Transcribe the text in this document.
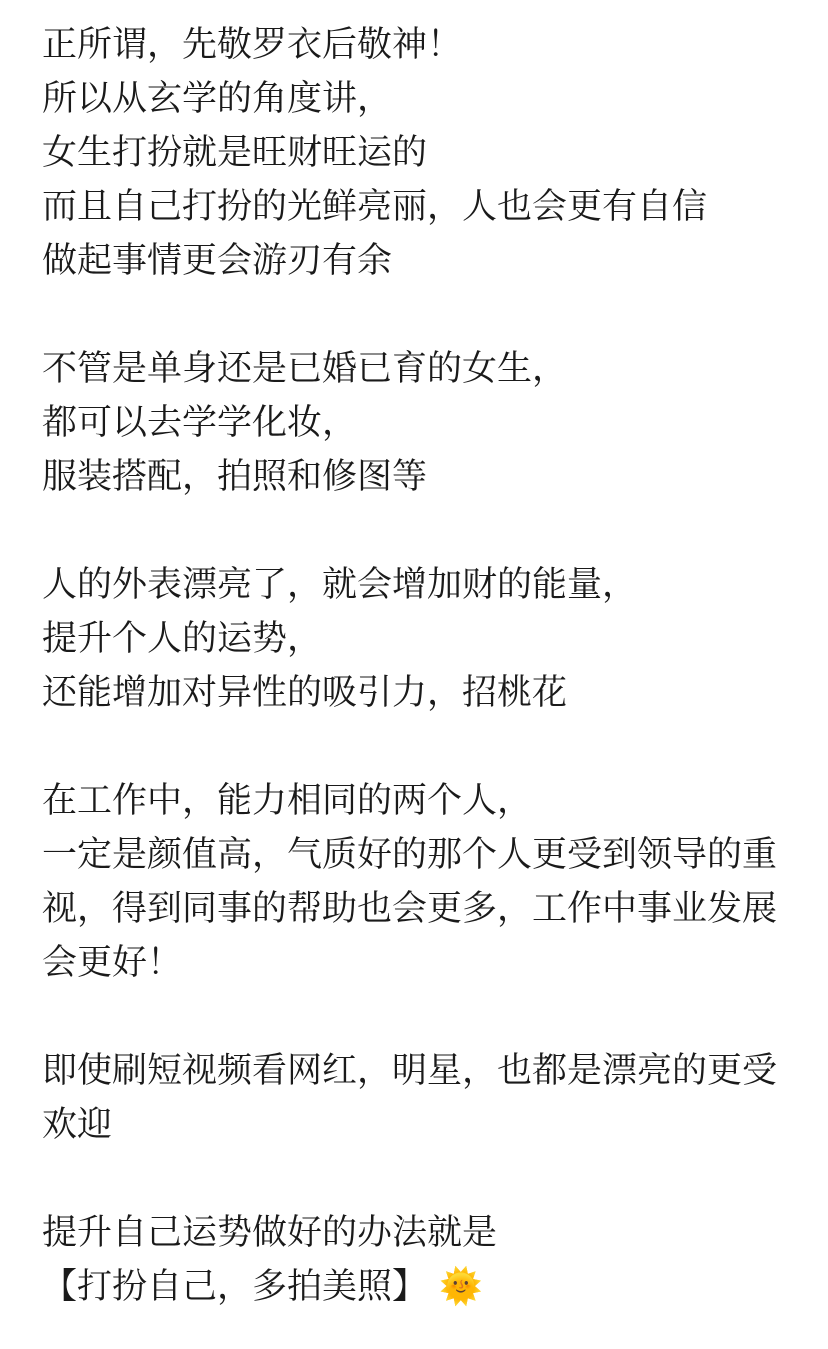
正所谓，先敬罗衣后敬神！
所以从玄学的角度讲，
女生打扮就是旺财旺运的
而且自己打扮的光鲜亮丽，人也会更有自信
做起事情更会游刃有余

不管是单身还是已婚已育的女生，
都可以去学学化妆，
服装搭配，拍照和修图等

人的外表漂亮了，就会增加财的能量，
提升个人的运势，
还能增加对异性的吸引力，招桃花

在工作中，能力相同的两个人，
一定是颜值高，气质好的那个人更受到领导的重视，得到同事的帮助也会更多，工作中事业发展会更好！

即使刷短视频看网红，明星，也都是漂亮的更受欢迎

提升自己运势做好的办法就是
【打扮自己，多拍美照】 🌞
